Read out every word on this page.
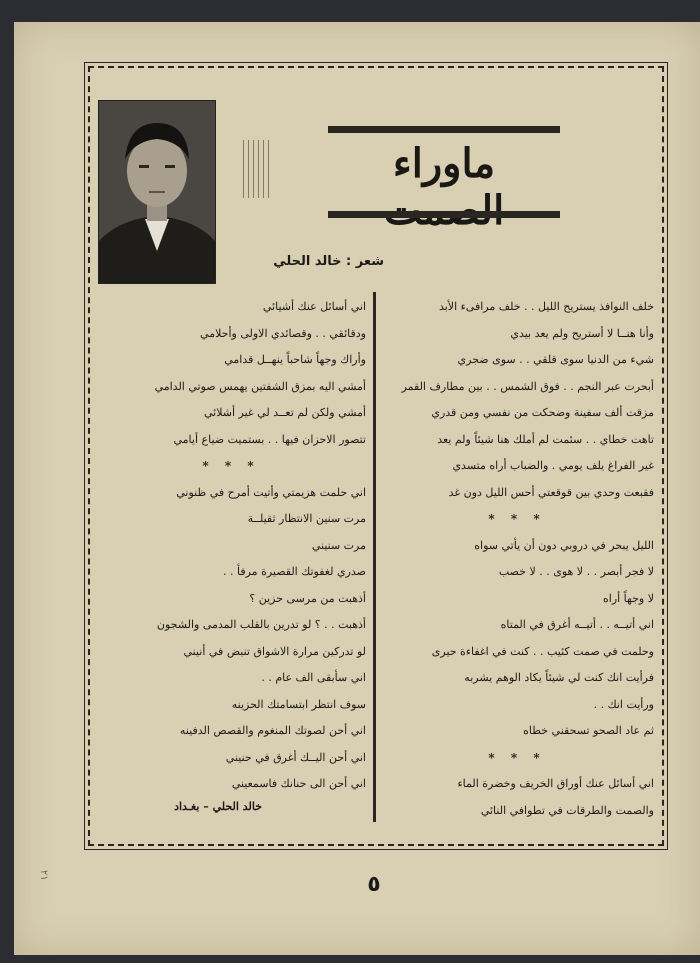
ماوراء
شعر : خالد الحلي
خلف النوافذ يستريح الليل . . خلف مرافىء الأبد
وأنا هنــا لا أستريح ولم يعد بيدي
شيء من الدنيا سوى قلقي . . سوى ضجري
أبحرت عبر النجم . . فوق الشمس . . بين مطارف القمر
مزقت ألف سفينة وضحكت من نفسي ومن قدري
تاهت خطاي . . سئمت لم أملك هنا شيئاً ولم يعد
غير الفراغ يلف يومي . والضباب أراه متسدي
فقبعت وحدي بين قوقعتي أحس الليل دون غد
* * *
الليل يبحر في دروبي دون أن يأتي سواه
لا فجر أبصر . . لا هوى . . لا خصب
لا وجهاً أراه
اني أتيــه . . أتيــه أغرق في المتاه
وحلمت في صمت كئيب . . كنت في اغفاءة حيرى
فرأيت انك كنت لي شيئاً يكاد الوهم يشربه
ورأيت انك . .
ثم عاد الصحو تسحقني خطاه
* * *
اني أسائل عنك أوراق الخريف وخضرة الماء
والصمت والطرقات في تطوافي النائي
اني أسائل عنك أشيائي
ودقائقي . . وقصائدي الاولى وأحلامي
وأراك وجهاً شاحباً ينهــل قدامي
أمشي اليه بمزق الشفتين يهمس صوتي الدامي
أمشي ولكن لم تعــد لي غير أشلائي
تتصور الاحزان فيها . . بستميت ضياع أيامي
* * *
اني حلمت هزيمتي وأتيت أمرح في ظنوني
مرت سنين الانتظار ثقيلــة
مرت سنيني
صدري لغفوتك القصيرة مرفأ . .
أذهبت من مرسى حزين ؟
أذهبت . . ؟ لو تدرين بالقلب المدمى والشجون
لو تدركين مرارة الاشواق تنبض في أنيني
اني سأبقى الف عام . .
سوف انتظر ابتسامتك الحزينه
اني أحن لصوتك المنغوم والقصص الدفينه
اني أحن اليــك أغرق في حنيني
اني أحن الى حنانك فاسمعيني
خالد الحلي – بغـداد
٥
٢١
